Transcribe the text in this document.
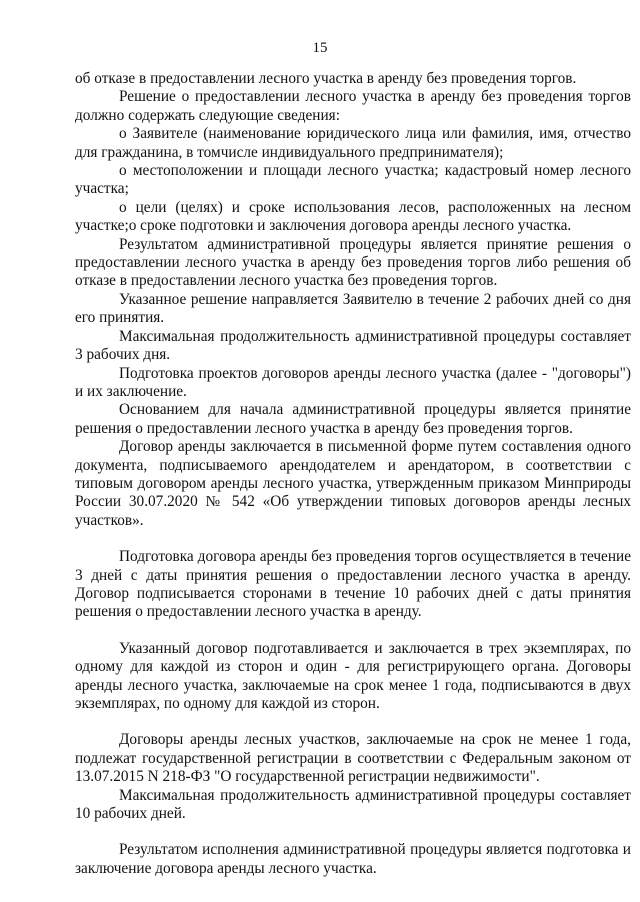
15

об отказе в предоставлении лесного участка в аренду без проведения торгов.

Решение о предоставлении лесного участка в аренду без проведения торгов должно содержать следующие сведения:

о Заявителе (наименование юридического лица или фамилия, имя, отчество для гражданина, в томчисле индивидуального предпринимателя);

о местоположении и площади лесного участка; кадастровый номер лесного участка;

о цели (целях) и сроке использования лесов, расположенных на лесном участке;о сроке подготовки и заключения договора аренды лесного участка.

Результатом административной процедуры является принятие решения о предоставлении лесного участка в аренду без проведения торгов либо решения об отказе в предоставлении лесного участка без проведения торгов.

Указанное решение направляется Заявителю в течение 2 рабочих дней со дня его принятия.

Максимальная продолжительность административной процедуры составляет 3 рабочих дня.

Подготовка проектов договоров аренды лесного участка (далее - "договоры") и их заключение.

Основанием для начала административной процедуры является принятие решения о предоставлении лесного участка в аренду без проведения торгов.

Договор аренды заключается в письменной форме путем составления одного документа, подписываемого арендодателем и арендатором, в соответствии с типовым договором аренды лесного участка, утвержденным приказом Минприроды России 30.07.2020 № 542 «Об утверждении типовых договоров аренды лесных участков».

Подготовка договора аренды без проведения торгов осуществляется в течение 3 дней с даты принятия решения о предоставлении лесного участка в аренду. Договор подписывается сторонами в течение 10 рабочих дней с даты принятия решения о предоставлении лесного участка в аренду.

Указанный договор подготавливается и заключается в трех экземплярах, по одному для каждой из сторон и один - для регистрирующего органа. Договоры аренды лесного участка, заключаемые на срок менее 1 года, подписываются в двух экземплярах, по одному для каждой из сторон.

Договоры аренды лесных участков, заключаемые на срок не менее 1 года, подлежат государственной регистрации в соответствии с Федеральным законом от 13.07.2015 N 218-ФЗ "О государственной регистрации недвижимости".

Максимальная продолжительность административной процедуры составляет 10 рабочих дней.

Результатом исполнения административной процедуры является подготовка и заключение договора аренды лесного участка.
